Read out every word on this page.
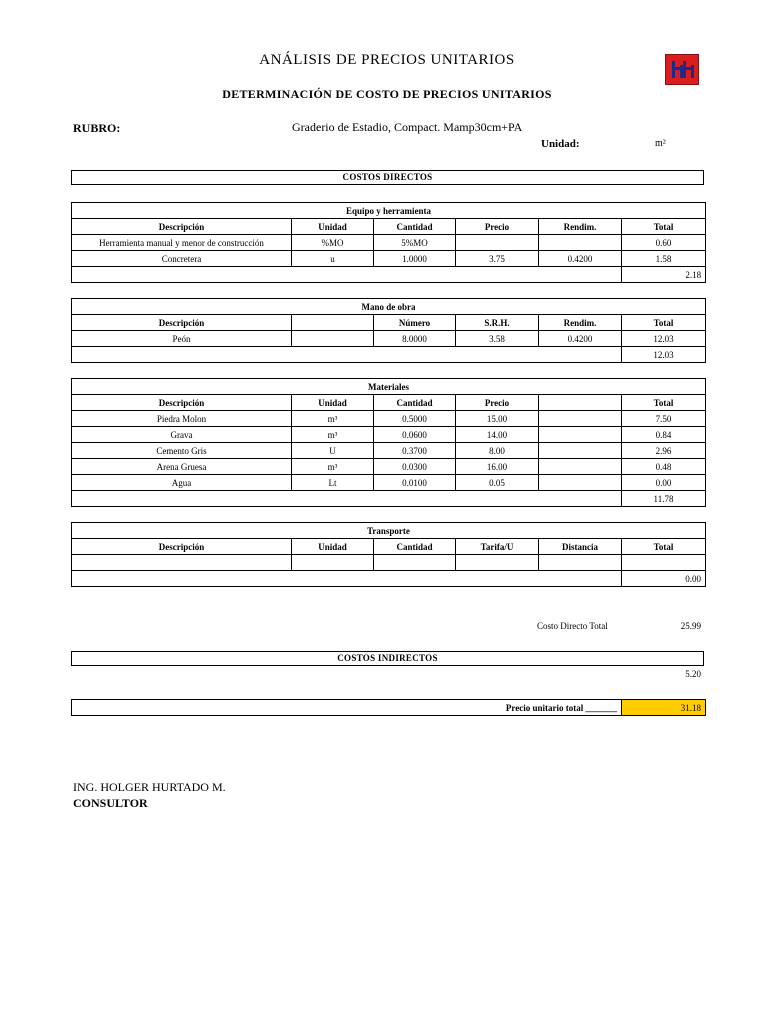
ANÁLISIS DE PRECIOS UNITARIOS
DETERMINACIÓN DE COSTO DE PRECIOS UNITARIOS
RUBRO:	Graderio de Estadio, Compact. Mamp30cm+PA
Unidad:	m²
COSTOS DIRECTOS
Equipo y herramienta					
Descripción	Unidad	Cantidad	Precio	Rendim.	Total
Herramienta manual y menor de construcción	%MO	5%MO			0.60
Concretera	u	1.0000	3.75	0.4200	1.58
					2.18
Mano de obra					
Descripción		Número	S.R.H.	Rendim.	Total
Peón		8.0000	3.58	0.4200	12.03
					12.03
Materiales					
Descripción	Unidad	Cantidad	Precio		Total
Piedra Molon	m³	0.5000	15.00		7.50
Grava	m³	0.0600	14.00		0.84
Cemento Gris	U	0.3700	8.00		2.96
Arena Gruesa	m³	0.0300	16.00		0.48
Agua	Lt	0.0100	0.05		0.00
					11.78
Transporte					
Descripción	Unidad	Cantidad	Tarifa/U	Distancia	Total

					0.00
Costo Directo Total	25.99
COSTOS INDIRECTOS
5.20
Precio unitario total _______	31.18
ING. HOLGER HURTADO M.
CONSULTOR
